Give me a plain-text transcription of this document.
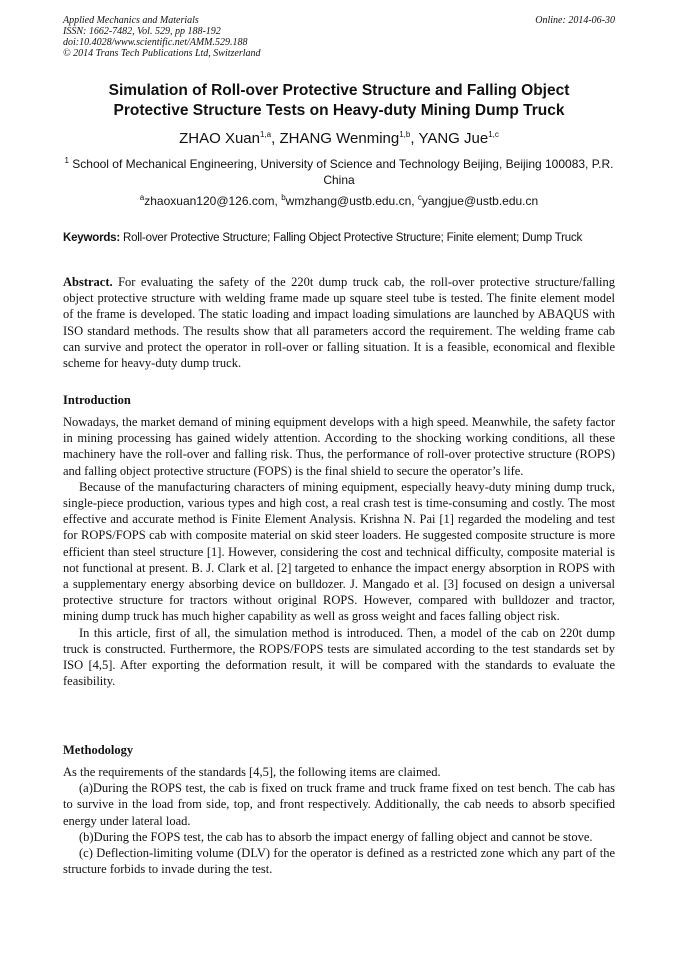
Applied Mechanics and Materials
ISSN: 1662-7482, Vol. 529, pp 188-192
doi:10.4028/www.scientific.net/AMM.529.188
© 2014 Trans Tech Publications Ltd, Switzerland
Online: 2014-06-30
Simulation of Roll-over Protective Structure and Falling Object
Protective Structure Tests on Heavy-duty Mining Dump Truck
ZHAO Xuan$^{1,a}$, ZHANG Wenming$^{1,b}$, YANG Jue$^{1,c}$
$^1$ School of Mechanical Engineering, University of Science and Technology Beijing, Beijing 100083, P.R. China
$^a$zhaoxuan120@126.com, $^b$wmzhang@ustb.edu.cn, $^c$yangjue@ustb.edu.cn
Keywords: Roll-over Protective Structure; Falling Object Protective Structure; Finite element; Dump Truck

Abstract. For evaluating the safety of the 220t dump truck cab, the roll-over protective structure/falling object protective structure with welding frame made up square steel tube is tested. The finite element model of the frame is developed. The static loading and impact loading simulations are launched by ABAQUS with ISO standard methods. The results show that all parameters accord the requirement. The welding frame cab can survive and protect the operator in roll-over or falling situation. It is a feasible, economical and flexible scheme for heavy-duty dump truck.

Introduction

Nowadays, the market demand of mining equipment develops with a high speed. Meanwhile, the safety factor in mining processing has gained widely attention. According to the shocking working conditions, all these machinery have the roll-over and falling risk. Thus, the performance of roll-over protective structure (ROPS) and falling object protective structure (FOPS) is the final shield to secure the operator’s life.

Because of the manufacturing characters of mining equipment, especially heavy-duty mining dump truck, single-piece production, various types and high cost, a real crash test is time-consuming and costly. The most effective and accurate method is Finite Element Analysis. Krishna N. Pai [1] regarded the modeling and test for ROPS/FOPS cab with composite material on skid steer loaders. He suggested composite structure is more efficient than steel structure [1]. However, considering the cost and technical difficulty, composite material is not functional at present. B. J. Clark et al. [2] targeted to enhance the impact energy absorption in ROPS with a supplementary energy absorbing device on bulldozer. J. Mangado et al. [3] focused on design a universal protective structure for tractors without original ROPS. However, compared with bulldozer and tractor, mining dump truck has much higher capability as well as gross weight and faces falling object risk.

In this article, first of all, the simulation method is introduced. Then, a model of the cab on 220t dump truck is constructed. Furthermore, the ROPS/FOPS tests are simulated according to the test standards set by ISO [4,5]. After exporting the deformation result, it will be compared with the standards to evaluate the feasibility.

Methodology

As the requirements of the standards [4,5], the following items are claimed.

(a)During the ROPS test, the cab is fixed on truck frame and truck frame fixed on test bench. The cab has to survive in the load from side, top, and front respectively. Additionally, the cab needs to absorb specified energy under lateral load.

(b)During the FOPS test, the cab has to absorb the impact energy of falling object and cannot be stove.

(c) Deflection-limiting volume (DLV) for the operator is defined as a restricted zone which any part of the structure forbids to invade during the test.
